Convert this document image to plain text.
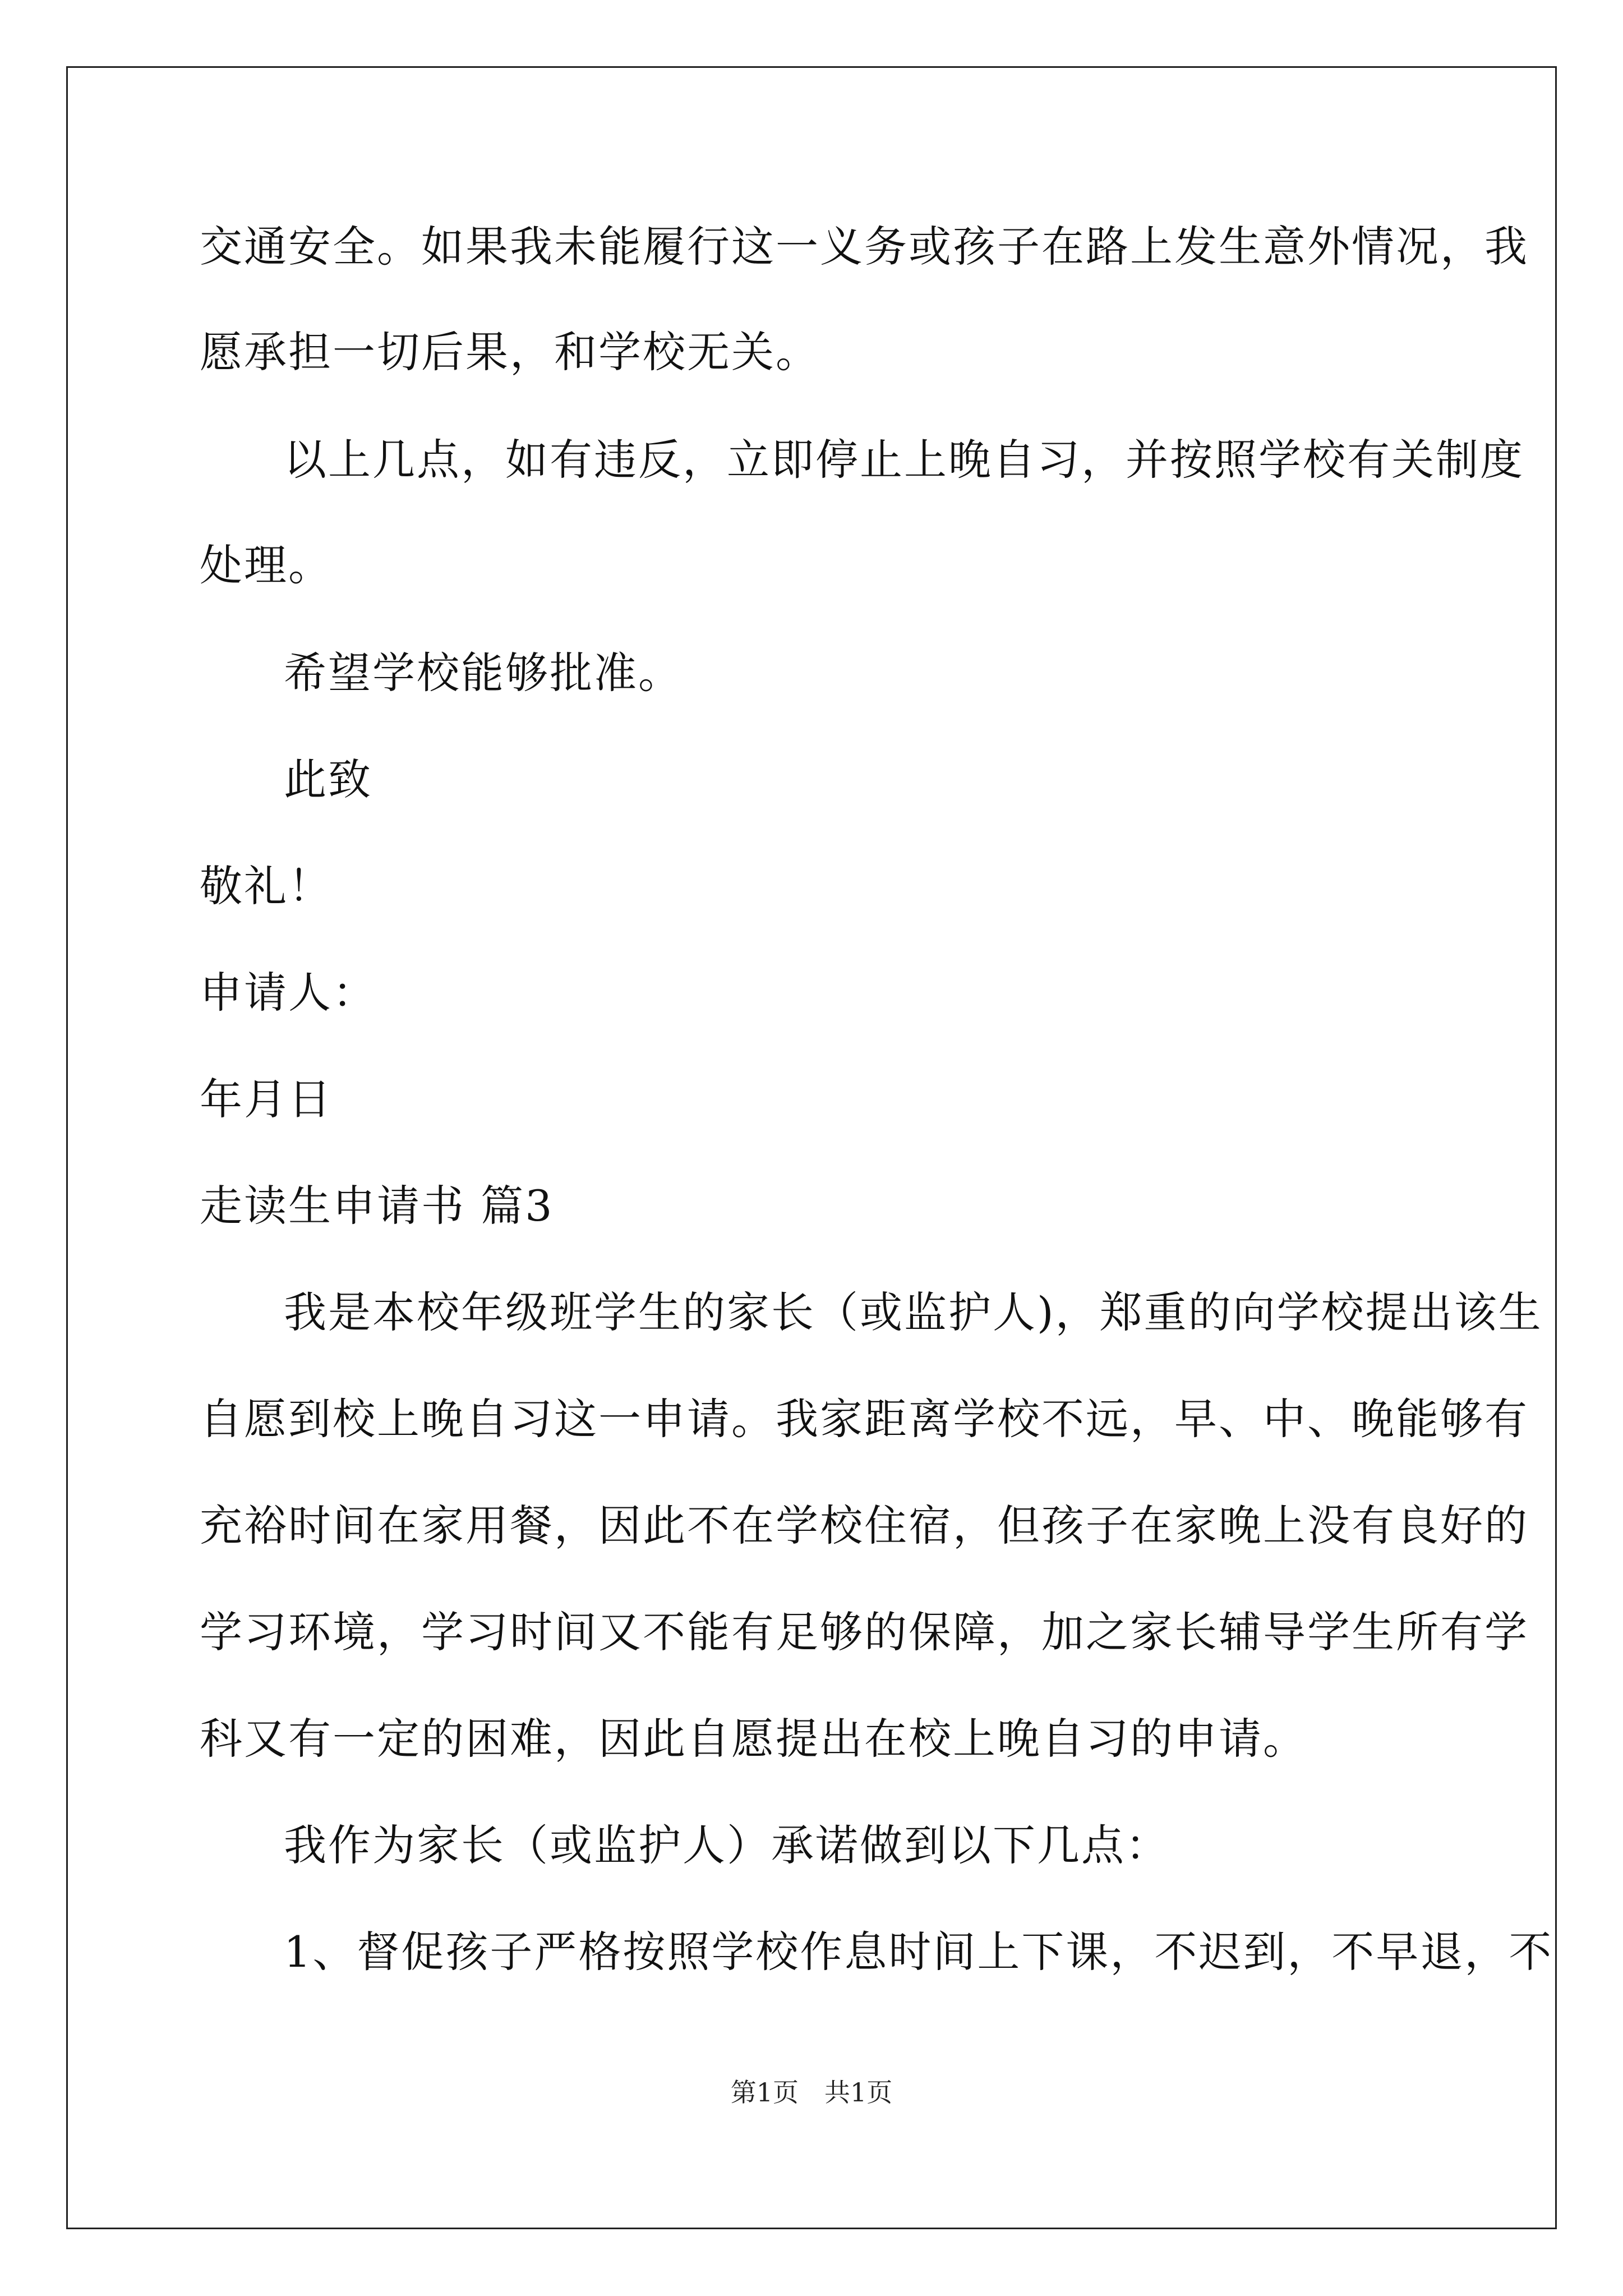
交通安全。如果我未能履行这一义务或孩子在路上发生意外情况，我
愿承担一切后果，和学校无关。
以上几点，如有违反，立即停止上晚自习，并按照学校有关制度
处理。
希望学校能够批准。
此致
敬礼！
申请人：
年月日
走读生申请书 篇3
我是本校年级班学生的家长（或监护人)，郑重的向学校提出该生
自愿到校上晚自习这一申请。我家距离学校不远，早、中、晚能够有
充裕时间在家用餐，因此不在学校住宿，但孩子在家晚上没有良好的
学习环境，学习时间又不能有足够的保障，加之家长辅导学生所有学
科又有一定的困难，因此自愿提出在校上晚自习的申请。
我作为家长（或监护人）承诺做到以下几点：
1、督促孩子严格按照学校作息时间上下课，不迟到，不早退，不
第1页　共1页
